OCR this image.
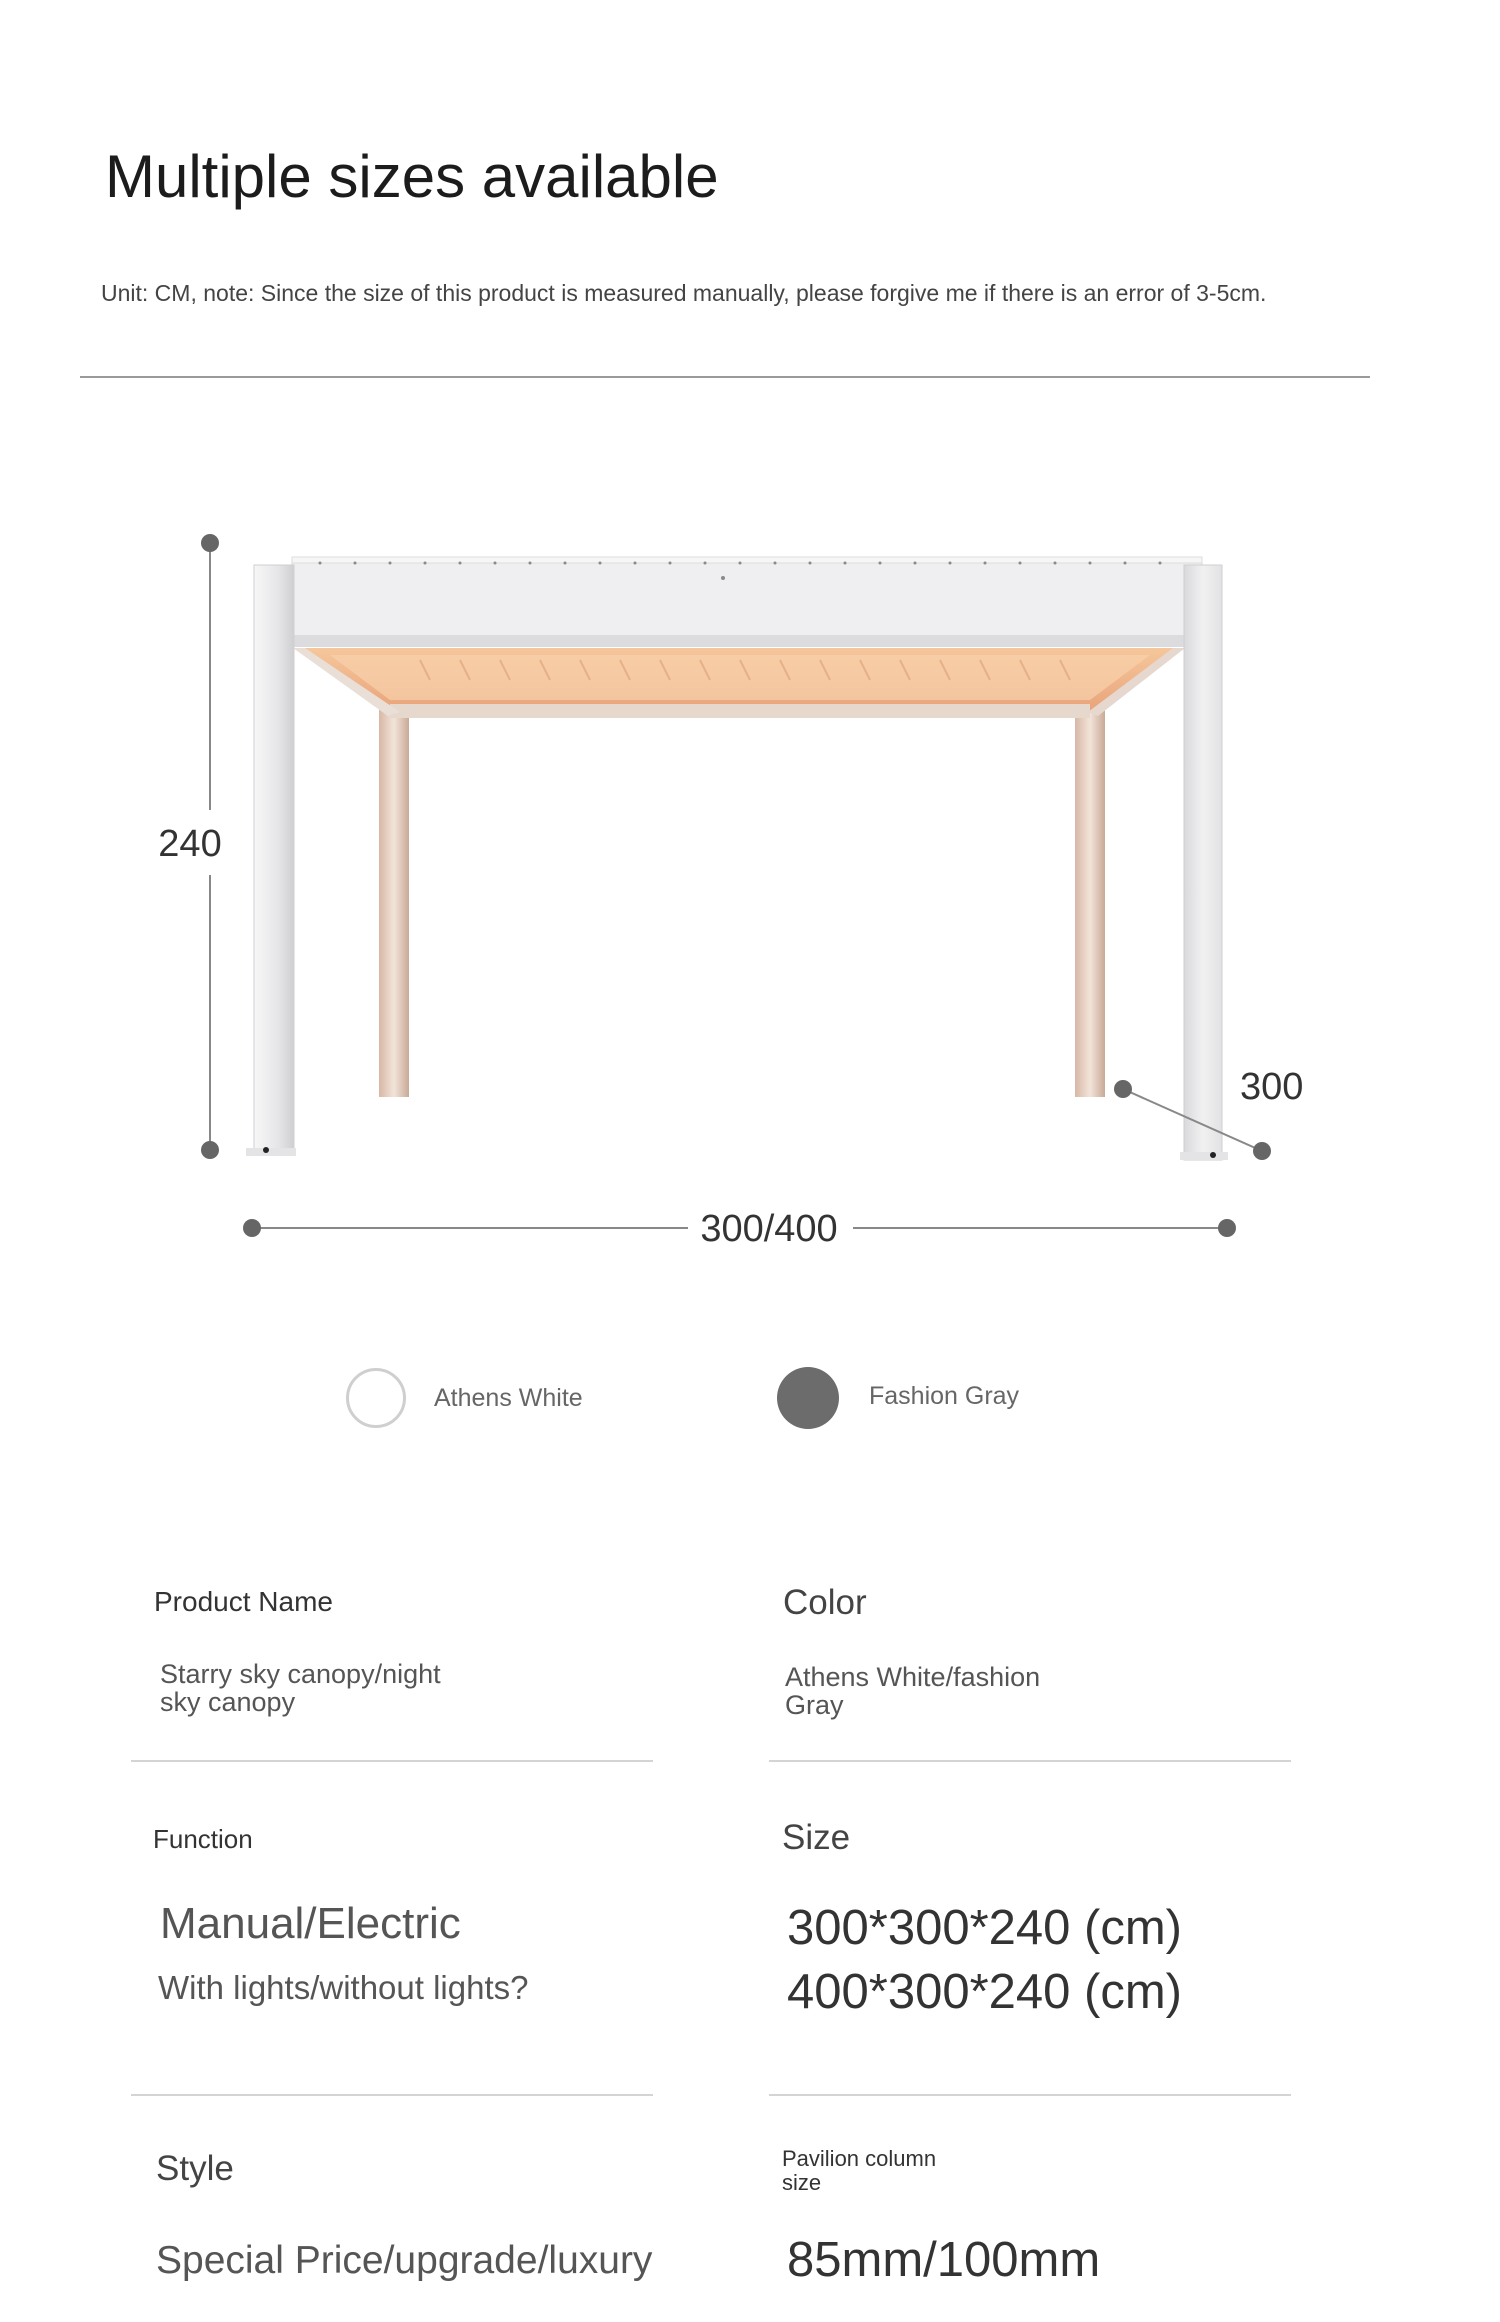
Multiple sizes available
Unit: CM, note: Since the size of this product is measured manually, please forgive me if there is an error of 3-5cm.
240
300
300/400
Athens White	Fashion Gray
Product Name
Starry sky canopy/night
sky canopy
Color
Athens White/fashion
Gray
Function
Manual/Electric
With lights/without lights?
Size
300*300*240 (cm)
400*300*240 (cm)
Style
Special Price/upgrade/luxury
Pavilion column
size
85mm/100mm
